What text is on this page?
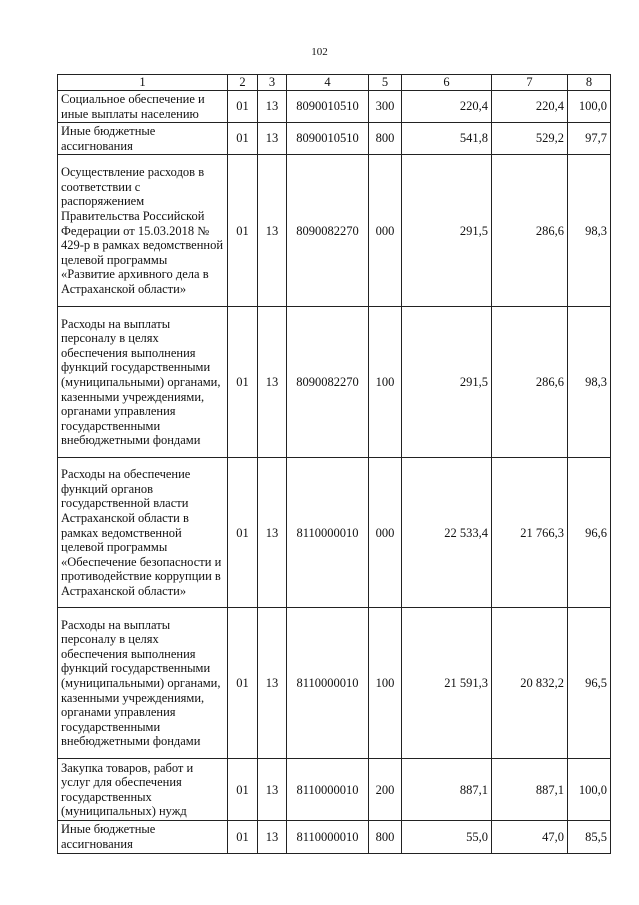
102
1	2	3	4	5	6	7	8
Социальное обеспечение и иные выплаты населению	01	13	8090010510	300	220,4	220,4	100,0
Иные бюджетные ассигнования	01	13	8090010510	800	541,8	529,2	97,7
Осуществление расходов в соответствии с распоряжением Правительства Российской Федерации от 15.03.2018 № 429-р в рамках ведомственной целевой программы «Развитие архивного дела в Астраханской области»	01	13	8090082270	000	291,5	286,6	98,3
Расходы на выплаты персоналу в целях обеспечения выполнения функций государственными (муниципальными) органами, казенными учреждениями, органами управления государственными внебюджетными фондами	01	13	8090082270	100	291,5	286,6	98,3
Расходы на обеспечение функций органов государственной власти Астраханской области в рамках ведомственной целевой программы «Обеспечение безопасности и противодействие коррупции в Астраханской области»	01	13	8110000010	000	22 533,4	21 766,3	96,6
Расходы на выплаты персоналу в целях обеспечения выполнения функций государственными (муниципальными) органами, казенными учреждениями, органами управления государственными внебюджетными фондами	01	13	8110000010	100	21 591,3	20 832,2	96,5
Закупка товаров, работ и услуг для обеспечения государственных (муниципальных) нужд	01	13	8110000010	200	887,1	887,1	100,0
Иные бюджетные ассигнования	01	13	8110000010	800	55,0	47,0	85,5
